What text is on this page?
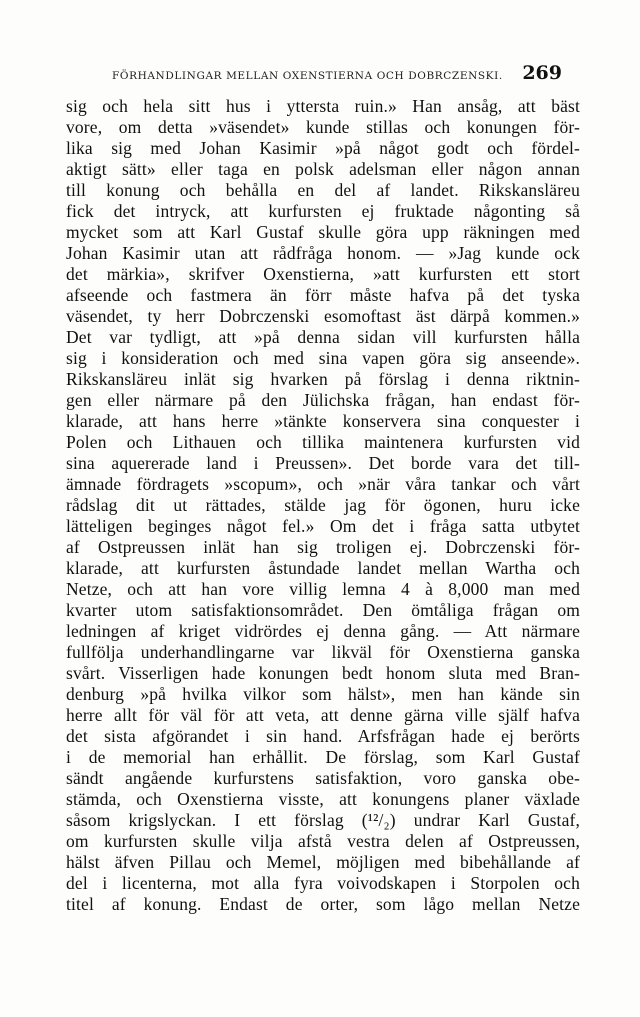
FÖRHANDLINGAR MELLAN OXENSTIERNA OCH DOBRCZENSKI. 269
sig och hela sitt hus i yttersta ruin.» Han ansåg, att bäst
vore, om detta »väsendet» kunde stillas och konungen för-
lika sig med Johan Kasimir »på något godt och fördel-
aktigt sätt» eller taga en polsk adelsman eller någon annan
till konung och behålla en del af landet. Rikskansläreu
fick det intryck, att kurfursten ej fruktade någonting så
mycket som att Karl Gustaf skulle göra upp räkningen med
Johan Kasimir utan att rådfråga honom. — »Jag kunde ock
det märkia», skrifver Oxenstierna, »att kurfursten ett stort
afseende och fastmera än förr måste hafva på det tyska
väsendet, ty herr Dobrczenski esomoftast äst därpå kommen.»
Det var tydligt, att »på denna sidan vill kurfursten hålla
sig i konsideration och med sina vapen göra sig anseende».
Rikskansläreu inlät sig hvarken på förslag i denna riktnin-
gen eller närmare på den Jülichska frågan, han endast för-
klarade, att hans herre »tänkte konservera sina conquester i
Polen och Lithauen och tillika maintenera kurfursten vid
sina aquererade land i Preussen». Det borde vara det till-
ämnade fördragets »scopum», och »när våra tankar och vårt
rådslag dit ut rättades, stälde jag för ögonen, huru icke
lätteligen beginges något fel.» Om det i fråga satta utbytet
af Ostpreussen inlät han sig troligen ej. Dobrczenski för-
klarade, att kurfursten åstundade landet mellan Wartha och
Netze, och att han vore villig lemna 4 à 8,000 man med
kvarter utom satisfaktionsområdet. Den ömtåliga frågan om
ledningen af kriget vidrördes ej denna gång. — Att närmare
fullfölja underhandlingarne var likväl för Oxenstierna ganska
svårt. Visserligen hade konungen bedt honom sluta med Bran-
denburg »på hvilka vilkor som hälst», men han kände sin
herre allt för väl för att veta, att denne gärna ville själf hafva
det sista afgörandet i sin hand. Arfsfrågan hade ej berörts
i de memorial han erhållit. De förslag, som Karl Gustaf
sändt angående kurfurstens satisfaktion, voro ganska obe-
stämda, och Oxenstierna visste, att konungens planer växlade
såsom krigslyckan. I ett förslag (¹²/₂) undrar Karl Gustaf,
om kurfursten skulle vilja afstå vestra delen af Ostpreussen,
hälst äfven Pillau och Memel, möjligen med bibehållande af
del i licenterna, mot alla fyra voivodskapen i Storpolen och
titel af konung. Endast de orter, som lågo mellan Netze
